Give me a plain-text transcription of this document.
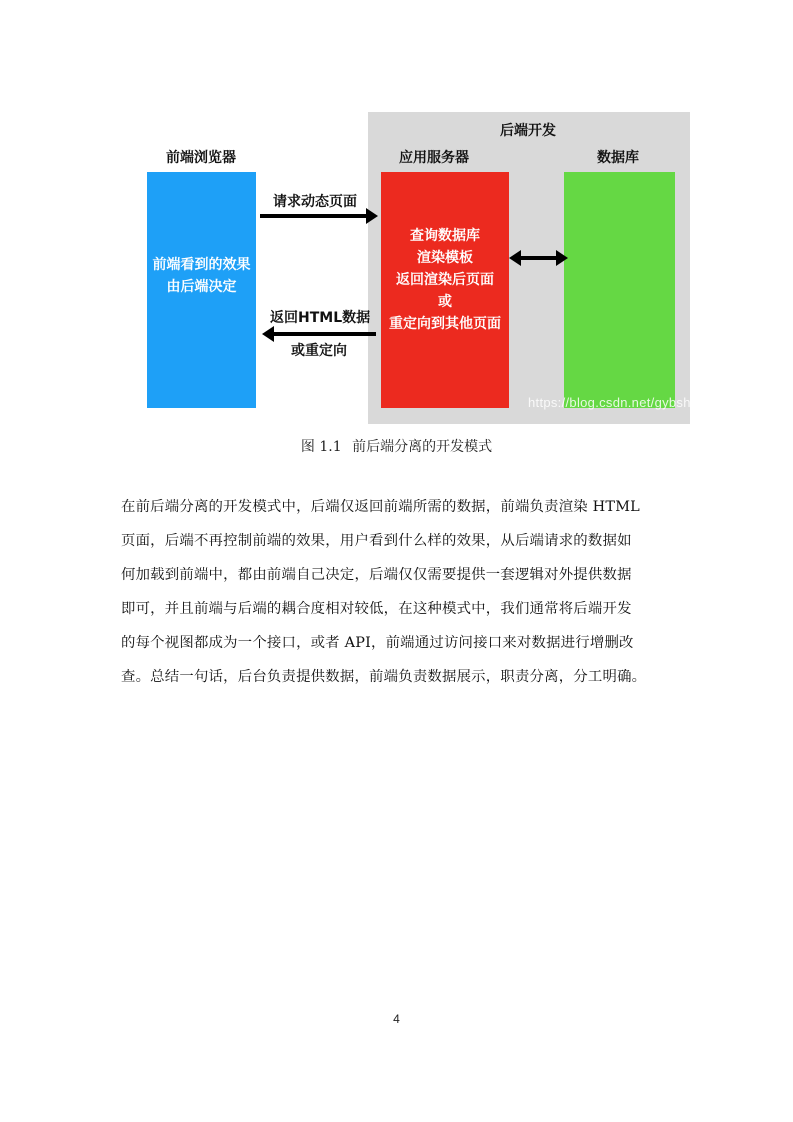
后端开发
前端浏览器
前端看到的效果
由后端决定
应用服务器
查询数据库
渲染模板
返回渲染后页面
或
重定向到其他页面
数据库
请求动态页面
返回HTML数据
或重定向
https://blog.csdn.net/gybshen
图 1.1 前后端分离的开发模式

在前后端分离的开发模式中，后端仅返回前端所需的数据，前端负责渲染 HTML

页面，后端不再控制前端的效果，用户看到什么样的效果，从后端请求的数据如

何加载到前端中，都由前端自己决定，后端仅仅需要提供一套逻辑对外提供数据

即可，并且前端与后端的耦合度相对较低，在这种模式中，我们通常将后端开发

的每个视图都成为一个接口，或者 API，前端通过访问接口来对数据进行增删改

查。总结一句话，后台负责提供数据，前端负责数据展示，职责分离，分工明确。

4
